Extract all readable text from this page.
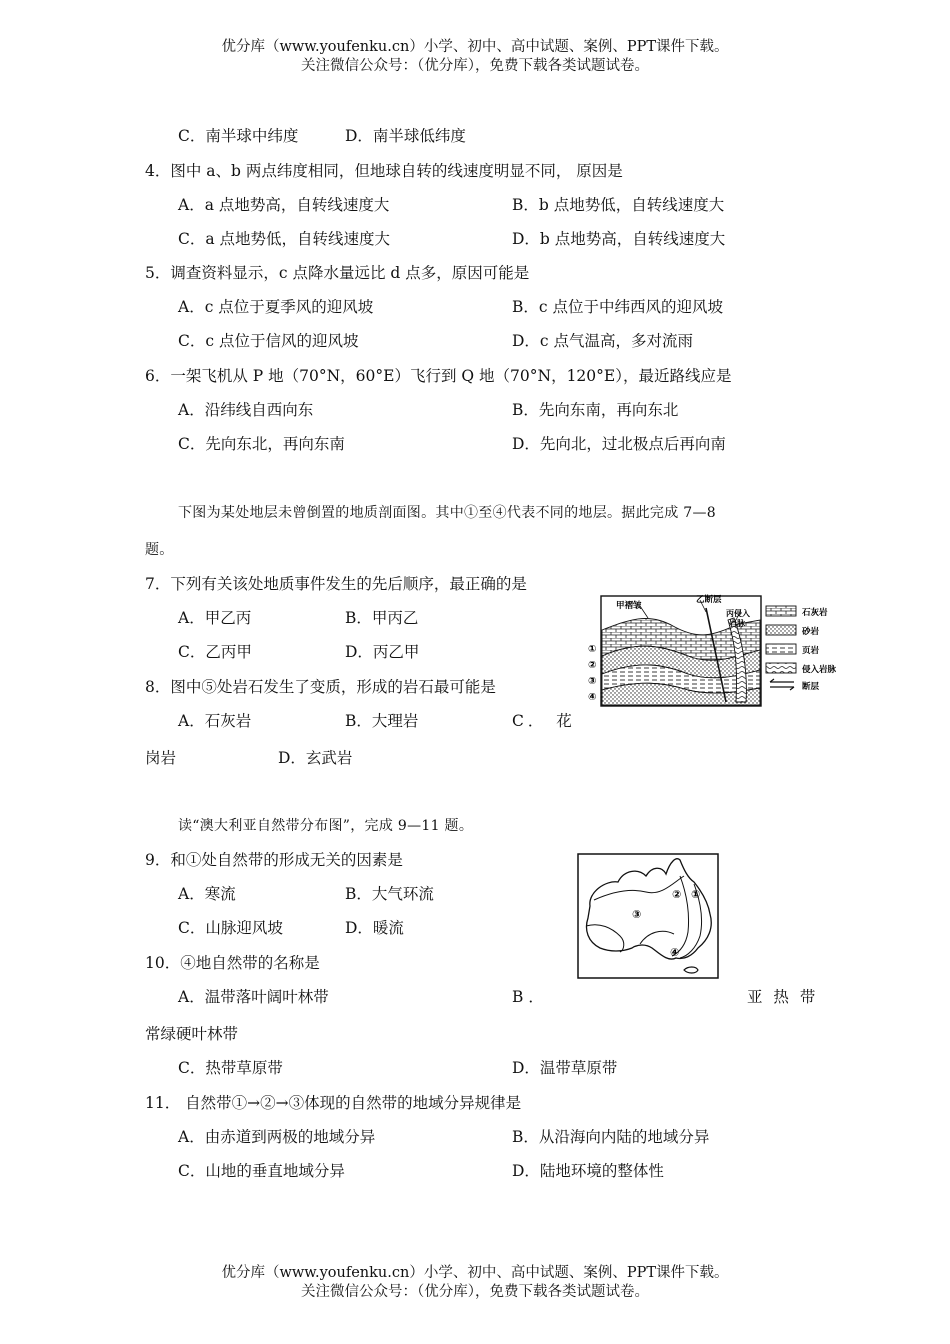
优分库（www.youfenku.cn）小学、初中、高中试题、案例、PPT课件下载。
关注微信公众号：（优分库），免费下载各类试题试卷。
C．南半球中纬度	D．南半球低纬度
4．图中 a、b 两点纬度相同，但地球自转的线速度明显不同， 原因是
A．a 点地势高，自转线速度大	B．b 点地势低，自转线速度大
C．a 点地势低，自转线速度大	D．b 点地势高，自转线速度大
5．调查资料显示，c 点降水量远比 d 点多，原因可能是
A．c 点位于夏季风的迎风坡	B．c 点位于中纬西风的迎风坡
C．c 点位于信风的迎风坡	D．c 点气温高，多对流雨
6．一架飞机从 P 地（70°N，60°E）飞行到 Q 地（70°N，120°E），最近路线应是
A．沿纬线自西向东	B．先向东南，再向东北
C．先向东北，再向东南	D．先向北，过北极点后再向南
下图为某处地层未曾倒置的地质剖面图。其中①至④代表不同的地层。据此完成 7—8
题。
7．下列有关该处地质事件发生的先后顺序，最正确的是
A．甲乙丙	B．甲丙乙
C．乙丙甲	D．丙乙甲
8．图中⑤处岩石发生了变质，形成的岩石最可能是
A．石灰岩	B．大理岩	C． 花
岗岩	D．玄武岩
甲褶皱
乙断层
丙侵入
岩脉
①
②
③
④
石灰岩
砂岩
页岩
侵入岩脉
断层
读“澳大利亚自然带分布图”，完成 9—11 题。
9．和①处自然带的形成无关的因素是
A．寒流	B．大气环流
C．山脉迎风坡	D．暖流
10．④地自然带的名称是
A．温带落叶阔叶林带	B ．	亚 热 带
常绿硬叶林带
C．热带草原带	D．温带草原带
11． 自然带①→②→③体现的自然带的地域分异规律是
A．由赤道到两极的地域分异	B．从沿海向内陆的地域分异
C．山地的垂直地域分异	D．陆地环境的整体性
② ①
③
④
优分库（www.youfenku.cn）小学、初中、高中试题、案例、PPT课件下载。
关注微信公众号：（优分库），免费下载各类试题试卷。
